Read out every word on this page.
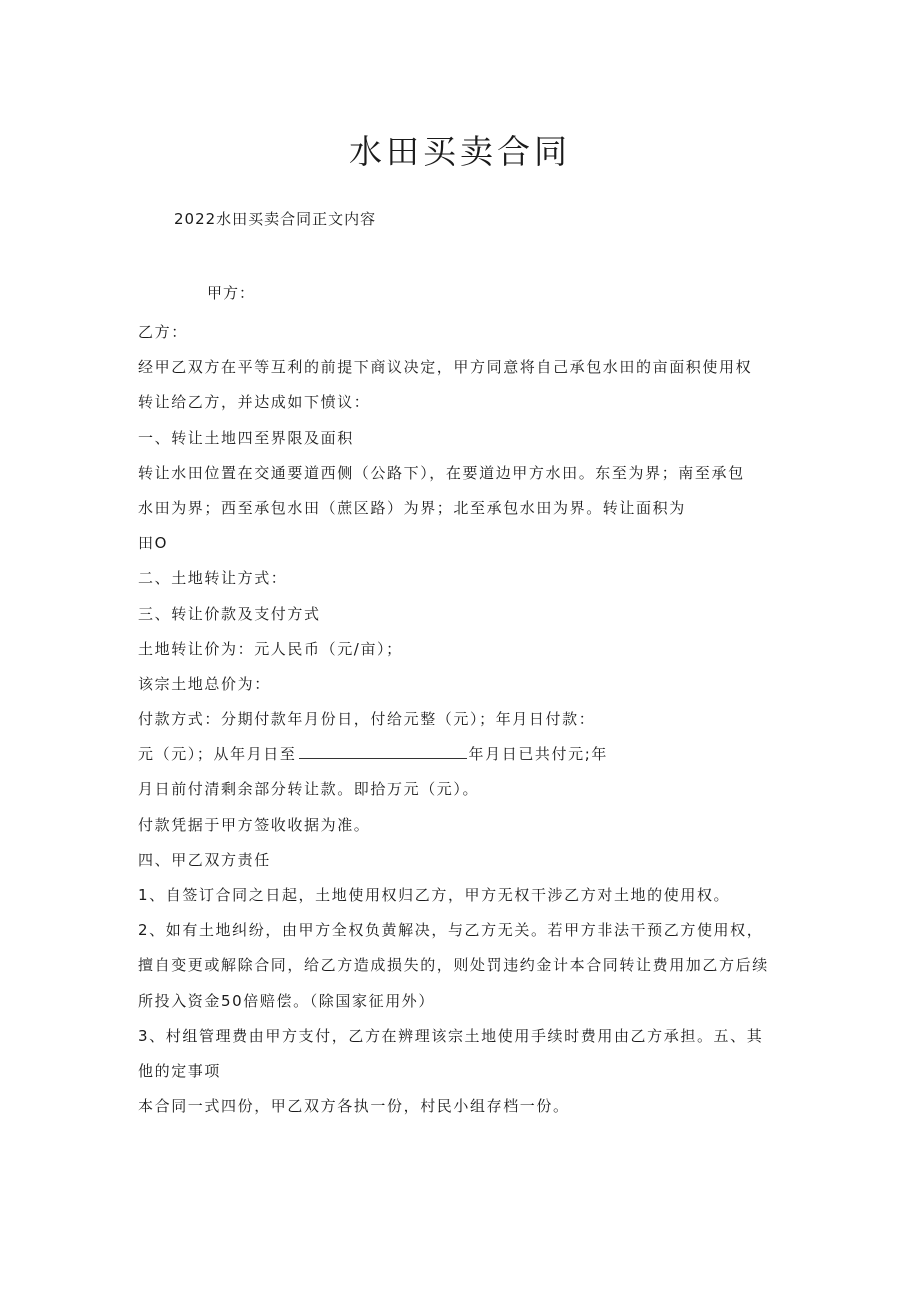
水田买卖合同
2022水田买卖合同正文内容
甲方：
乙方：
经甲乙双方在平等互利的前提下商议决定，甲方同意将自己承包水田的亩面积使用权
转让给乙方，并达成如下愤议：
一、转让土地四至界限及面积
转让水田位置在交通要道西侧（公路下），在要道边甲方水田。东至为界；南至承包
水田为界；西至承包水田（蔗区路）为界；北至承包水田为界。转让面积为
田O
二、土地转让方式：
三、转让价款及支付方式
土地转让价为：元人民币（元/亩）；
该宗土地总价为：
付款方式：分期付款年月份日，付给元整（元）；年月日付款：
元（元）；从年月日至	年月日已共付元;年
月日前付清剩余部分转让款。即拾万元（元）。
付款凭据于甲方签收收据为准。
四、甲乙双方责任
1、自签订合同之日起，土地使用权归乙方，甲方无权干涉乙方对土地的使用权。
2、如有土地纠纷，由甲方全权负黄解决，与乙方无关。若甲方非法干预乙方使用权，
擅自变更或解除合同，给乙方造成损失的，则处罚违约金计本合同转让费用加乙方后续
所投入资金50倍赔偿。（除国家征用外）
3、村组管理费由甲方支付，乙方在辨理该宗土地使用手续时费用由乙方承担。五、其
他的定事项
本合同一式四份，甲乙双方各执一份，村民小组存档一份。
